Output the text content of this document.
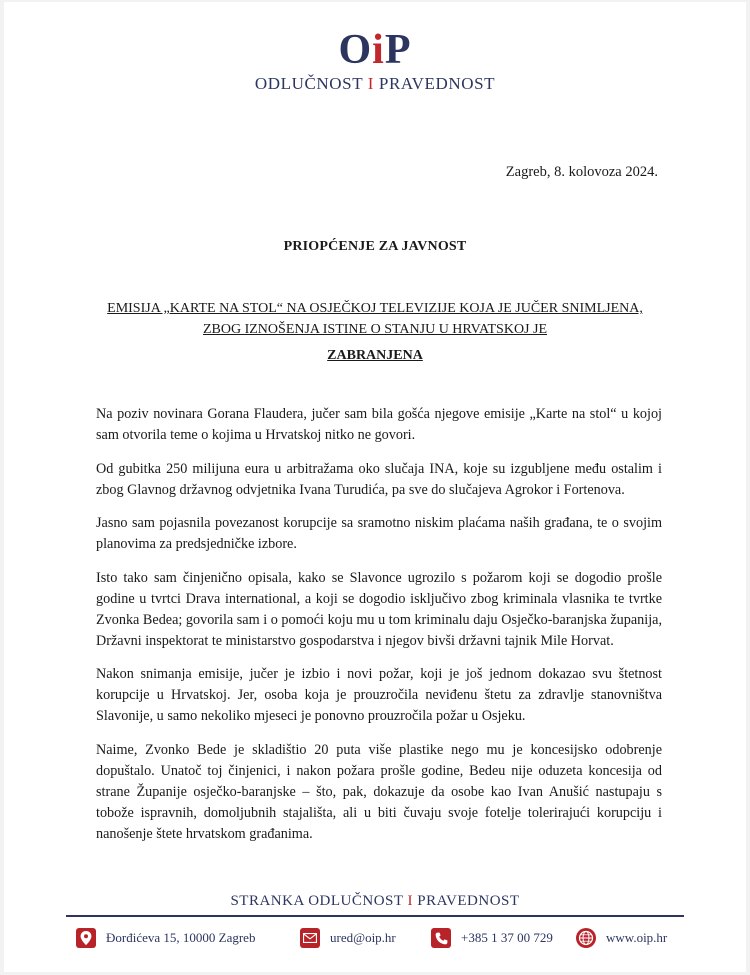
OiP
ODLUČNOST I PRAVEDNOST
Zagreb, 8. kolovoza 2024.
PRIOPĆENJE ZA JAVNOST
EMISIJA „KARTE NA STOL“ NA OSJEČKOJ TELEVIZIJE KOJA JE JUČER SNIMLJENA,
ZBOG IZNOŠENJA ISTINE O STANJU U HRVATSKOJ JE
ZABRANJENA

Na poziv novinara Gorana Flaudera, jučer sam bila gošća njegove emisije „Karte na stol“ u kojoj sam otvorila teme o kojima u Hrvatskoj nitko ne govori.

Od gubitka 250 milijuna eura u arbitražama oko slučaja INA, koje su izgubljene među ostalim i zbog Glavnog državnog odvjetnika Ivana Turudića, pa sve do slučajeva Agrokor i Fortenova.

Jasno sam pojasnila povezanost korupcije sa sramotno niskim plaćama naših građana, te o svojim planovima za predsjedničke izbore.

Isto tako sam činjenično opisala, kako se Slavonce ugrozilo s požarom koji se dogodio prošle godine u tvrtci Drava international, a koji se dogodio isključivo zbog kriminala vlasnika te tvrtke Zvonka Bedea; govorila sam i o pomoći koju mu u tom kriminalu daju Osječko-baranjska županija, Državni inspektorat te ministarstvo gospodarstva i njegov bivši državni tajnik Mile Horvat.

Nakon snimanja emisije, jučer je izbio i novi požar, koji je još jednom dokazao svu štetnost korupcije u Hrvatskoj. Jer, osoba koja je prouzročila neviđenu štetu za zdravlje stanovništva Slavonije, u samo nekoliko mjeseci je ponovno prouzročila požar u Osjeku.

Naime, Zvonko Bede je skladištio 20 puta više plastike nego mu je koncesijsko odobrenje dopuštalo. Unatoč toj činjenici, i nakon požara prošle godine, Bedeu nije oduzeta koncesija od strane Županije osječko-baranjske – što, pak, dokazuje da osobe kao Ivan Anušić nastupaju s tobože ispravnih, domoljubnih stajališta, ali u biti čuvaju svoje fotelje tolerirajući korupciju i nanošenje štete hrvatskom građanima.

STRANKA ODLUČNOST I PRAVEDNOST
Đorđićeva 15, 10000 Zagreb	ured@oip.hr	+385 1 37 00 729	www.oip.hr
